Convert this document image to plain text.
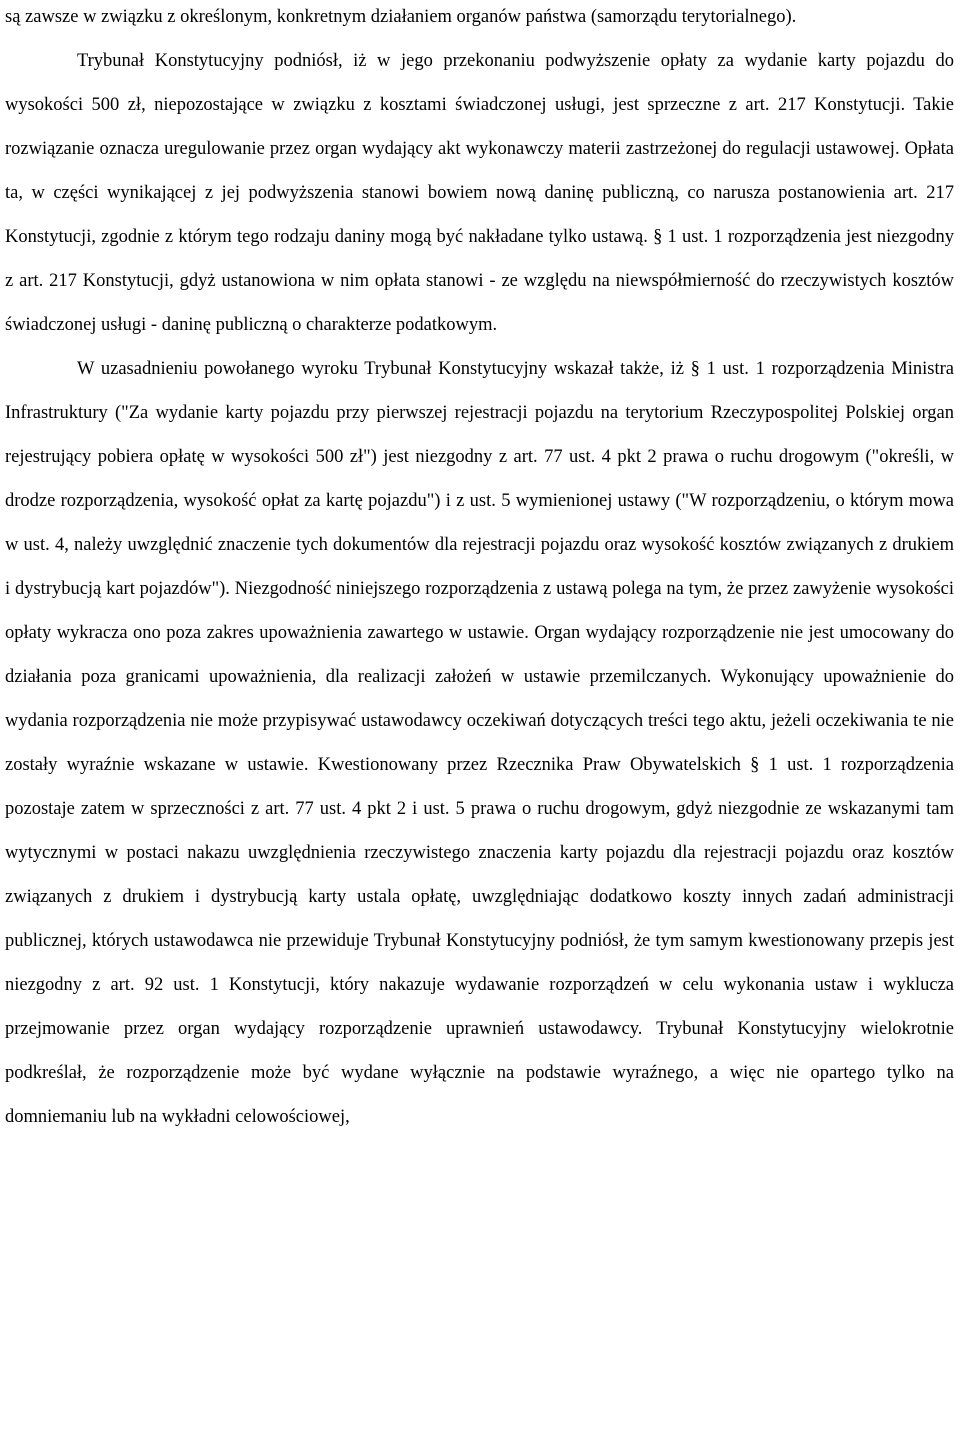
są zawsze w związku z określonym, konkretnym działaniem organów państwa (samorządu terytorialnego).

Trybunał Konstytucyjny podniósł, iż w jego przekonaniu podwyższenie opłaty za wydanie karty pojazdu do wysokości 500 zł, niepozostające w związku z kosztami świadczonej usługi, jest sprzeczne z art. 217 Konstytucji. Takie rozwiązanie oznacza uregulowanie przez organ wydający akt wykonawczy materii zastrzeżonej do regulacji ustawowej. Opłata ta, w części wynikającej z jej podwyższenia stanowi bowiem nową daninę publiczną, co narusza postanowienia art. 217 Konstytucji, zgodnie z którym tego rodzaju daniny mogą być nakładane tylko ustawą. § 1 ust. 1 rozporządzenia jest niezgodny z art. 217 Konstytucji, gdyż ustanowiona w nim opłata stanowi - ze względu na niewspółmierność do rzeczywistych kosztów świadczonej usługi - daninę publiczną o charakterze podatkowym.

W uzasadnieniu powołanego wyroku Trybunał Konstytucyjny wskazał także, iż § 1 ust. 1 rozporządzenia Ministra Infrastruktury ("Za wydanie karty pojazdu przy pierwszej rejestracji pojazdu na terytorium Rzeczypospolitej Polskiej organ rejestrujący pobiera opłatę w wysokości 500 zł") jest niezgodny z art. 77 ust. 4 pkt 2 prawa o ruchu drogowym ("określi, w drodze rozporządzenia, wysokość opłat za kartę pojazdu") i z ust. 5 wymienionej ustawy ("W rozporządzeniu, o którym mowa w ust. 4, należy uwzględnić znaczenie tych dokumentów dla rejestracji pojazdu oraz wysokość kosztów związanych z drukiem i dystrybucją kart pojazdów"). Niezgodność niniejszego rozporządzenia z ustawą polega na tym, że przez zawyżenie wysokości opłaty wykracza ono poza zakres upoważnienia zawartego w ustawie. Organ wydający rozporządzenie nie jest umocowany do działania poza granicami upoważnienia, dla realizacji założeń w ustawie przemilczanych. Wykonujący upoważnienie do wydania rozporządzenia nie może przypisywać ustawodawcy oczekiwań dotyczących treści tego aktu, jeżeli oczekiwania te nie zostały wyraźnie wskazane w ustawie. Kwestionowany przez Rzecznika Praw Obywatelskich § 1 ust. 1 rozporządzenia pozostaje zatem w sprzeczności z art. 77 ust. 4 pkt 2 i ust. 5 prawa o ruchu drogowym, gdyż niezgodnie ze wskazanymi tam wytycznymi w postaci nakazu uwzględnienia rzeczywistego znaczenia karty pojazdu dla rejestracji pojazdu oraz kosztów związanych z drukiem i dystrybucją karty ustala opłatę, uwzględniając dodatkowo koszty innych zadań administracji publicznej, których ustawodawca nie przewiduje Trybunał Konstytucyjny podniósł, że tym samym kwestionowany przepis jest niezgodny z art. 92 ust. 1 Konstytucji, który nakazuje wydawanie rozporządzeń w celu wykonania ustaw i wyklucza przejmowanie przez organ wydający rozporządzenie uprawnień ustawodawcy. Trybunał Konstytucyjny wielokrotnie podkreślał, że rozporządzenie może być wydane wyłącznie na podstawie wyraźnego, a więc nie opartego tylko na domniemaniu lub na wykładni celowościowej,
